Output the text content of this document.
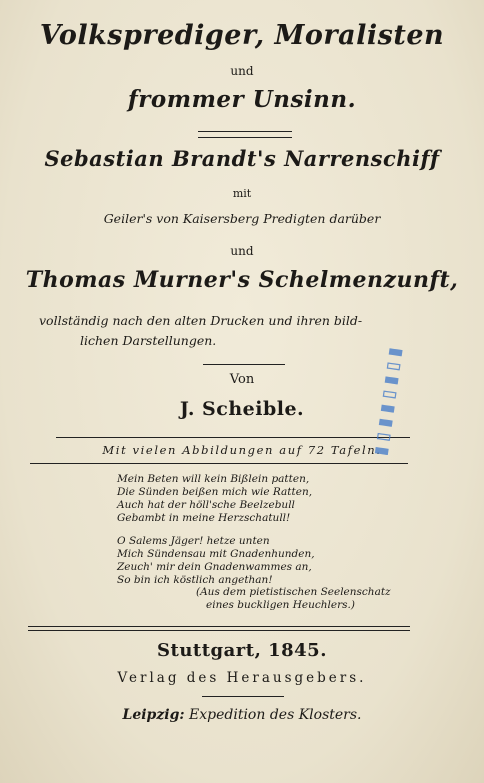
Volksprediger, Moralisten
und
frommer Unsinn.
Sebastian Brandt's Narrenschiff
mit
Geiler's von Kaisersberg Predigten darüber
und
Thomas Murner's Schelmenzunft,
vollständig nach den alten Drucken und ihren bild-
lichen Darstellungen.
Von
J. Scheible.
Mit vielen Abbildungen auf 72 Tafeln.
Mein Beten will kein Bißlein patten,
Die Sünden beißen mich wie Ratten,
Auch hat der höll'sche Beelzebull
Gebambt in meine Herzschatull!
O Salems Jäger! hetze unten
Mich Sündensau mit Gnadenhunden,
Zeuch' mir dein Gnadenwammes an,
So bin ich köstlich angethan!
(Aus dem pietistischen Seelenschatz
eines buckligen Heuchlers.)
Stuttgart, 1845.
Verlag des Herausgebers.
Leipzig: Expedition des Klosters.
▮▯▮▮▯▮▯▮
